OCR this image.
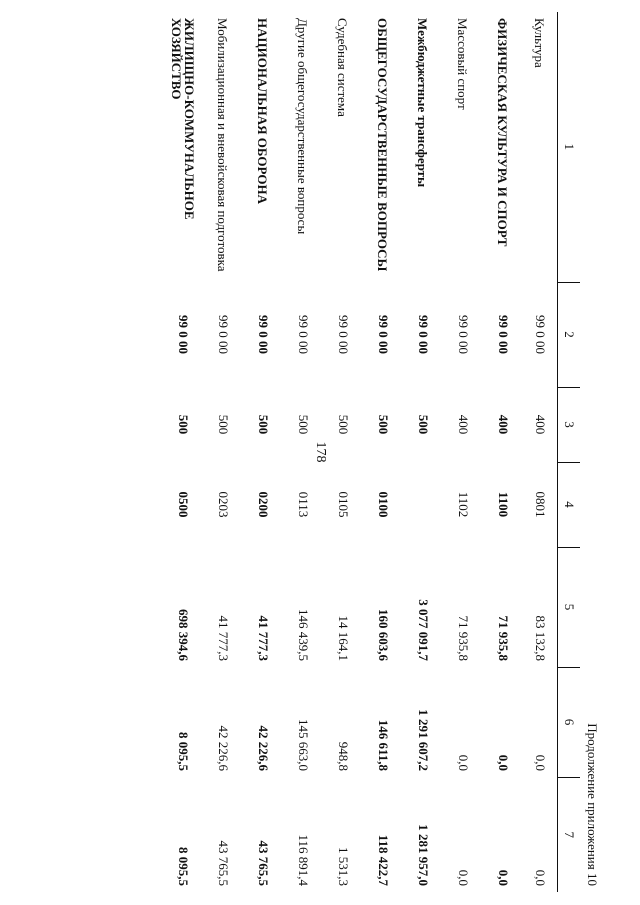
178
Продолжение приложения 10
1	2	3	4	5	6	7
Культура	99 0 00	400	0801	83 132,8	0,0	0,0
ФИЗИЧЕСКАЯ КУЛЬТУРА И СПОРТ	99 0 00	400	1100	71 935,8	0,0	0,0
Массовый спорт	99 0 00	400	1102	71 935,8	0,0	0,0
Межбюджетные трансферты	99 0 00	500		3 077 091,7	1 291 607,2	1 281 957,0
ОБЩЕГОСУДАРСТВЕННЫЕ ВОПРОСЫ	99 0 00	500	0100	160 603,6	146 611,8	118 422,7
Судебная система	99 0 00	500	0105	14 164,1	948,8	1 531,3
Другие общегосударственные вопросы	99 0 00	500	0113	146 439,5	145 663,0	116 891,4
НАЦИОНАЛЬНАЯ ОБОРОНА	99 0 00	500	0200	41 777,3	42 226,6	43 765,5
Мобилизационная и вневойсковая подготовка	99 0 00	500	0203	41 777,3	42 226,6	43 765,5
ЖИЛИЩНО-КОММУНАЛЬНОЕ ХОЗЯЙСТВО	99 0 00	500	0500	698 394,6	8 095,5	8 095,5
